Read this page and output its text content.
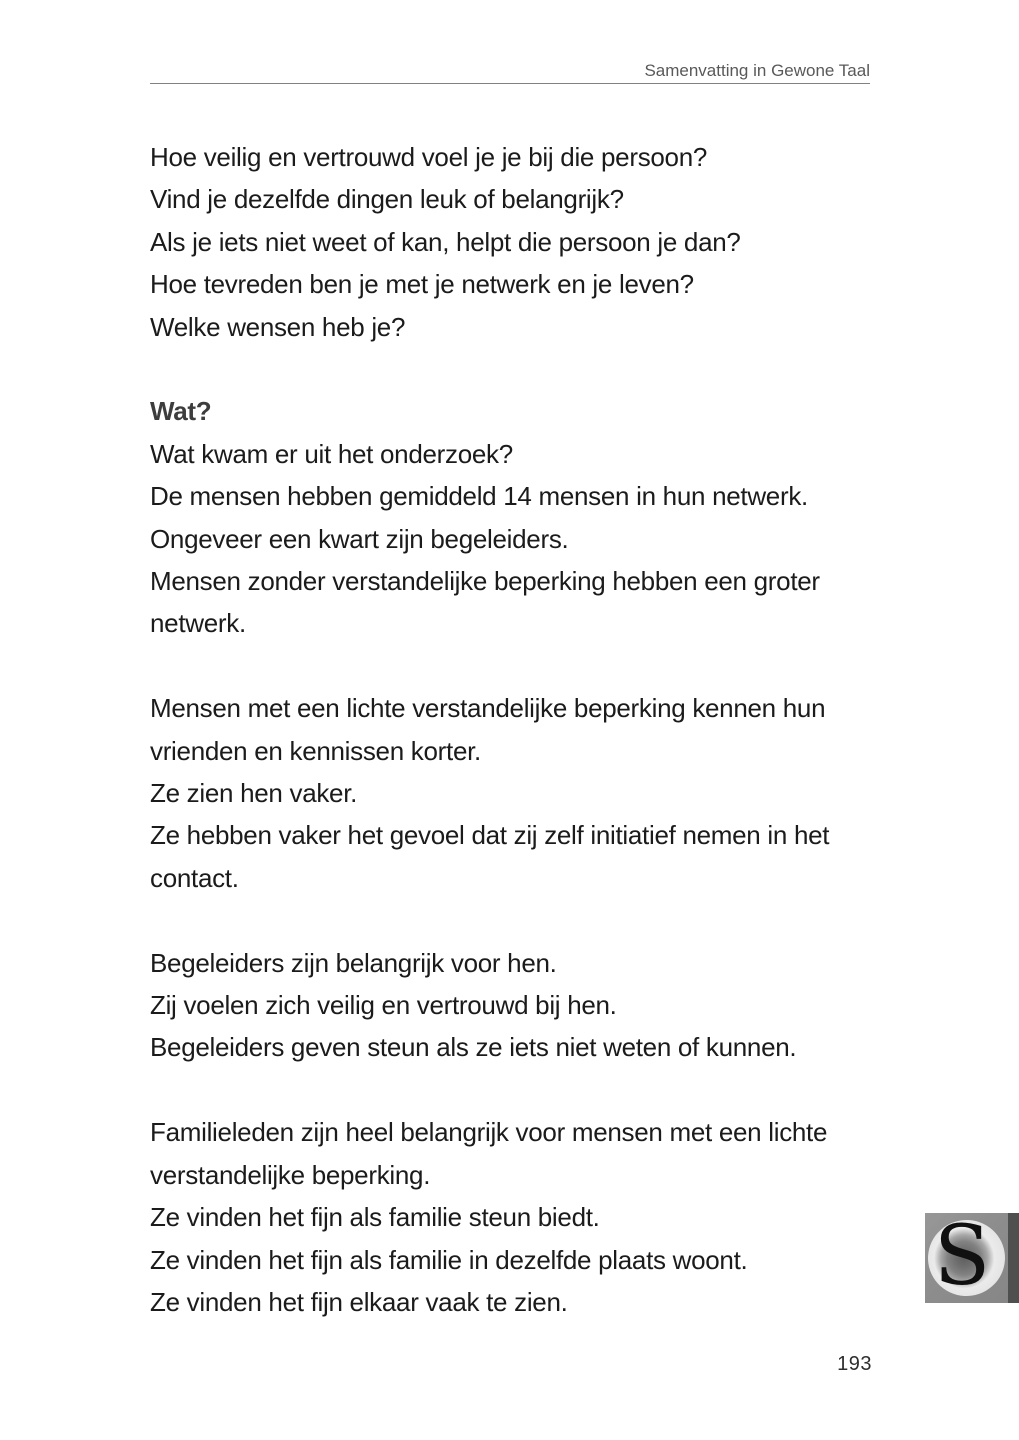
Samenvatting in Gewone Taal
Hoe veilig en vertrouwd voel je je bij die persoon?
Vind je dezelfde dingen leuk of belangrijk?
Als je iets niet weet of kan, helpt die persoon je dan?
Hoe tevreden ben je met je netwerk en je leven?
Welke wensen heb je?
Wat?
Wat kwam er uit het onderzoek?
De mensen hebben gemiddeld 14 mensen in hun netwerk.
Ongeveer een kwart zijn begeleiders.
Mensen zonder verstandelijke beperking hebben een groter
netwerk.
Mensen met een lichte verstandelijke beperking kennen hun
vrienden en kennissen korter.
Ze zien hen vaker.
Ze hebben vaker het gevoel dat zij zelf initiatief nemen in het
contact.
Begeleiders zijn belangrijk voor hen.
Zij voelen zich veilig en vertrouwd bij hen.
Begeleiders geven steun als ze iets niet weten of kunnen.
Familieleden zijn heel belangrijk voor mensen met een lichte
verstandelijke beperking.
Ze vinden het fijn als familie steun biedt.
Ze vinden het fijn als familie in dezelfde plaats woont.
Ze vinden het fijn elkaar vaak te zien.	S
193
